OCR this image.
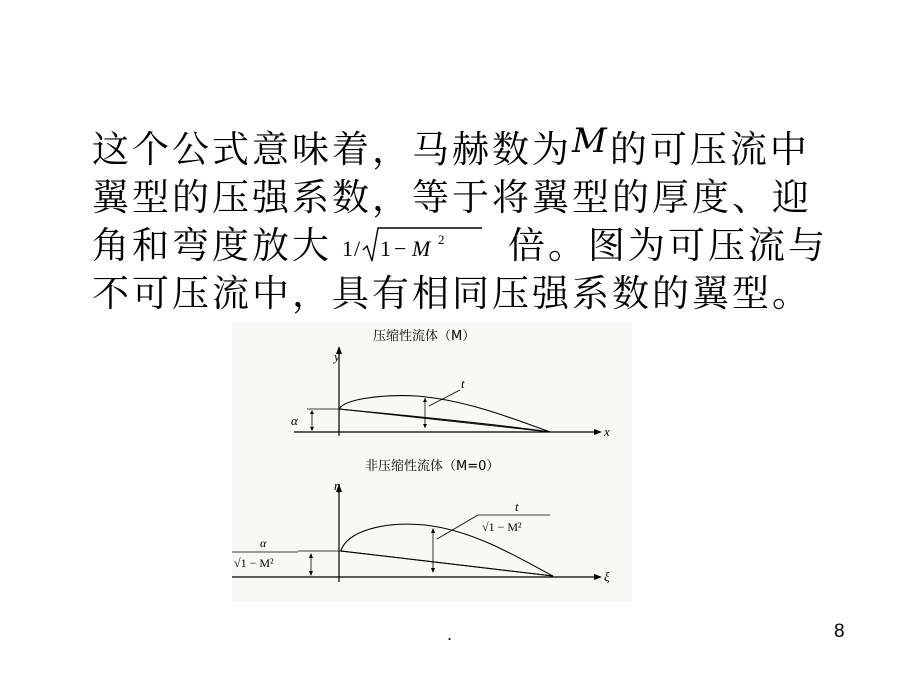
这个公式意味着，马赫数为M的可压流中
翼型的压强系数，等于将翼型的厚度、迎
角和弯度放大 1
/ 1 − M 2 倍。图为可压流与
不可压流中，具有相同压强系数的翼型。
压缩性流体（M）
y
x
α
t
非压缩性流体（M=0）
η
ξ
α
√1 − M²
t
√1 − M²
.	8
